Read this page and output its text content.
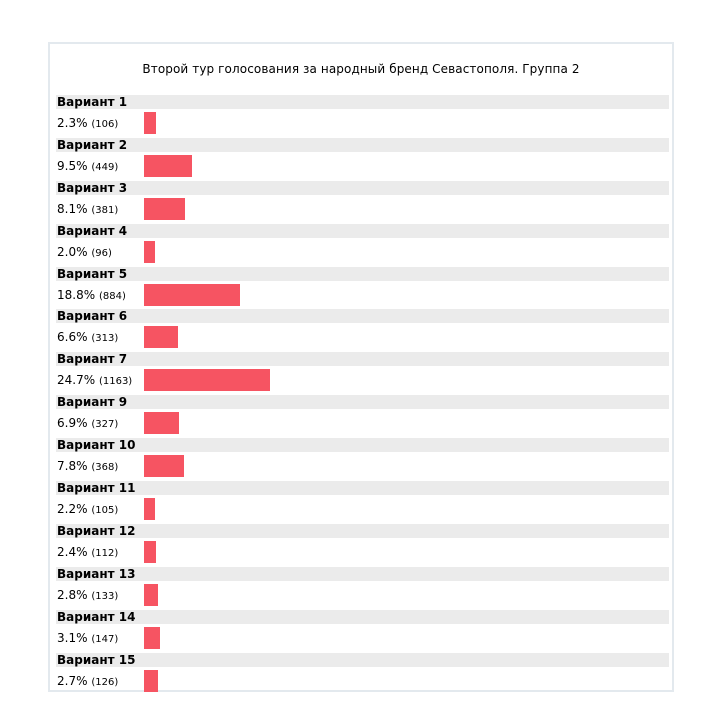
Второй тур голосования за народный бренд Севастополя. Группа 2
Вариант 1
2.3% (106)
Вариант 2
9.5% (449)
Вариант 3
8.1% (381)
Вариант 4
2.0% (96)
Вариант 5
18.8% (884)
Вариант 6
6.6% (313)
Вариант 7
24.7% (1163)
Вариант 9
6.9% (327)
Вариант 10
7.8% (368)
Вариант 11
2.2% (105)
Вариант 12
2.4% (112)
Вариант 13
2.8% (133)
Вариант 14
3.1% (147)
Вариант 15
2.7% (126)
